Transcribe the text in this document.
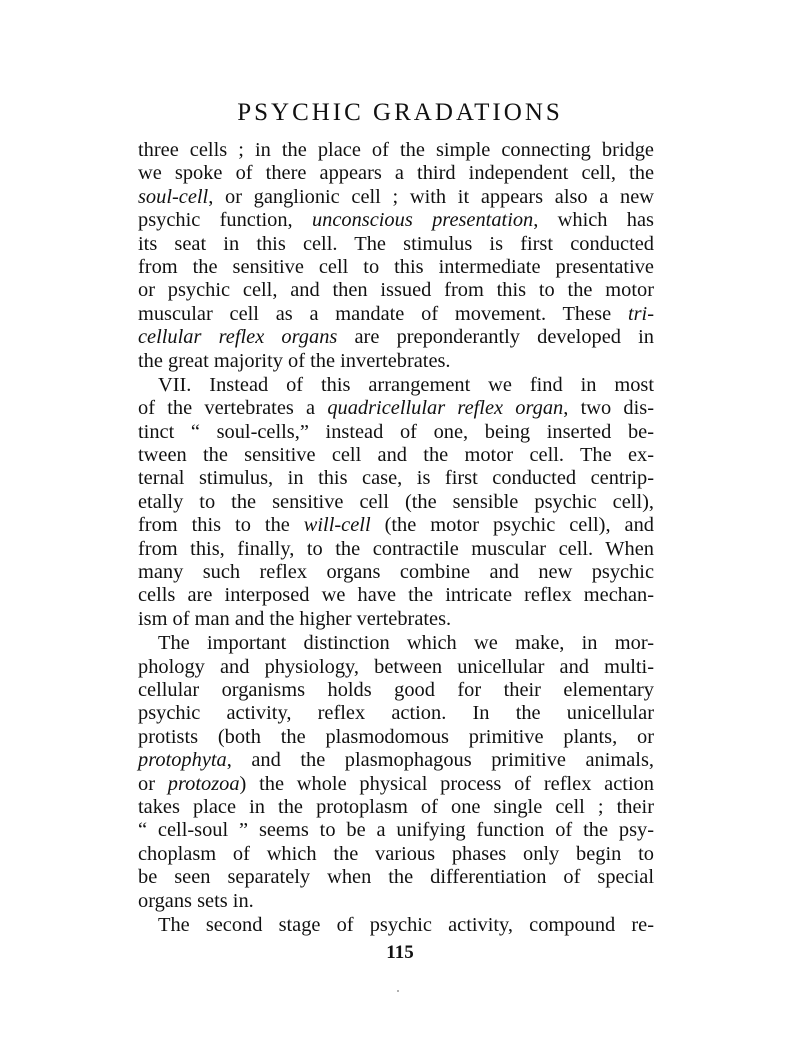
PSYCHIC GRADATIONS
three cells ; in the place of the simple connecting bridge
we spoke of there appears a third independent cell, the
soul-cell, or ganglionic cell ; with it appears also a new
psychic function, unconscious presentation, which has
its seat in this cell. The stimulus is first conducted
from the sensitive cell to this intermediate presentative
or psychic cell, and then issued from this to the motor
muscular cell as a mandate of movement. These tri-
cellular reflex organs are preponderantly developed in
the great majority of the invertebrates.
VII. Instead of this arrangement we find in most
of the vertebrates a quadricellular reflex organ, two dis-
tinct “ soul-cells,” instead of one, being inserted be-
tween the sensitive cell and the motor cell. The ex-
ternal stimulus, in this case, is first conducted centrip-
etally to the sensitive cell (the sensible psychic cell),
from this to the will-cell (the motor psychic cell), and
from this, finally, to the contractile muscular cell. When
many such reflex organs combine and new psychic
cells are interposed we have the intricate reflex mechan-
ism of man and the higher vertebrates.
The important distinction which we make, in mor-
phology and physiology, between unicellular and multi-
cellular organisms holds good for their elementary
psychic activity, reflex action. In the unicellular
protists (both the plasmodomous primitive plants, or
protophyta, and the plasmophagous primitive animals,
or protozoa) the whole physical process of reflex action
takes place in the protoplasm of one single cell ; their
“ cell-soul ” seems to be a unifying function of the psy-
choplasm of which the various phases only begin to
be seen separately when the differentiation of special
organs sets in.
The second stage of psychic activity, compound re-
115
